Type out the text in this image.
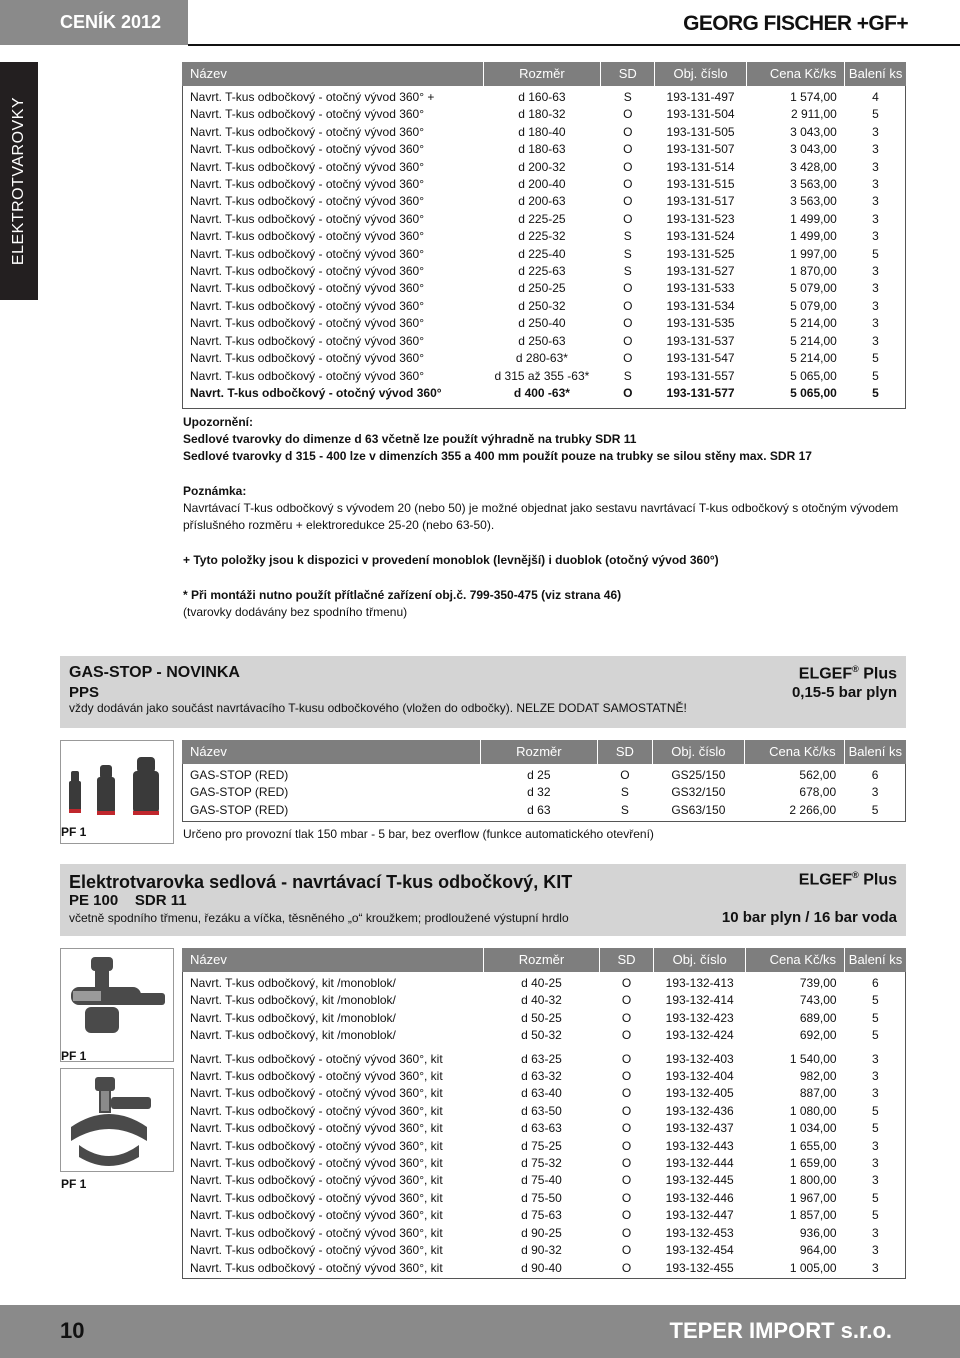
CENÍK 2012	GEORG FISCHER +GF+
ELEKTROTVAROVKY
Název	Rozměr	SD	Obj. číslo	Cena Kč/ks	Balení ks

Navrt. T-kus odbočkový - otočný vývod 360° +	d 160-63	S	193-131-497	1 574,00	4
Navrt. T-kus odbočkový - otočný vývod 360°	d 180-32	O	193-131-504	2 911,00	5
Navrt. T-kus odbočkový - otočný vývod 360°	d 180-40	O	193-131-505	3 043,00	3
Navrt. T-kus odbočkový - otočný vývod 360°	d 180-63	O	193-131-507	3 043,00	3
Navrt. T-kus odbočkový - otočný vývod 360°	d 200-32	O	193-131-514	3 428,00	3
Navrt. T-kus odbočkový - otočný vývod 360°	d 200-40	O	193-131-515	3 563,00	3
Navrt. T-kus odbočkový - otočný vývod 360°	d 200-63	O	193-131-517	3 563,00	3
Navrt. T-kus odbočkový - otočný vývod 360°	d 225-25	O	193-131-523	1 499,00	3
Navrt. T-kus odbočkový - otočný vývod 360°	d 225-32	S	193-131-524	1 499,00	3
Navrt. T-kus odbočkový - otočný vývod 360°	d 225-40	S	193-131-525	1 997,00	5
Navrt. T-kus odbočkový - otočný vývod 360°	d 225-63	S	193-131-527	1 870,00	3
Navrt. T-kus odbočkový - otočný vývod 360°	d 250-25	O	193-131-533	5 079,00	3
Navrt. T-kus odbočkový - otočný vývod 360°	d 250-32	O	193-131-534	5 079,00	3
Navrt. T-kus odbočkový - otočný vývod 360°	d 250-40	O	193-131-535	5 214,00	3
Navrt. T-kus odbočkový - otočný vývod 360°	d 250-63	O	193-131-537	5 214,00	3
Navrt. T-kus odbočkový - otočný vývod 360°	d 280-63*	O	193-131-547	5 214,00	5
Navrt. T-kus odbočkový - otočný vývod 360°	d 315 až 355 -63*	S	193-131-557	5 065,00	5
Navrt. T-kus odbočkový - otočný vývod 360°	d 400 -63*	O	193-131-577	5 065,00	5
Upozornění:
Sedlové tvarovky do dimenze d 63 včetně lze použít výhradně na trubky SDR 11
Sedlové tvarovky d 315 - 400 lze v dimenzích 355 a 400 mm použít pouze na trubky se silou stěny max. SDR 17
Poznámka:
Navrtávací T-kus odbočkový s vývodem 20 (nebo 50) je možné objednat jako sestavu navrtávací T-kus odbočkový s otočným vývodem
příslušného rozměru + elektroredukce 25-20 (nebo 63-50).
+ Tyto položky jsou k dispozici v provedení monoblok (levnější) i duoblok (otočný vývod 360°)
* Při montáži nutno použít přítlačné zařízení obj.č. 799-350-475 (viz strana 46)
(tvarovky dodávány bez spodního třmenu)
GAS-STOP - NOVINKA
PPS
vždy dodáván jako součást navrtávacího T-kusu odbočkového (vložen do odbočky). NELZE DODAT SAMOSTATNĚ!
ELGEF® Plus
0,15-5 bar plyn
PF 1
Název	Rozměr	SD	Obj. číslo	Cena Kč/ks	Balení ks

GAS-STOP (RED)	d 25	O	GS25/150	562,00	6
GAS-STOP (RED)	d 32	S	GS32/150	678,00	3
GAS-STOP (RED)	d 63	S	GS63/150	2 266,00	5
Určeno pro provozní tlak 150 mbar - 5 bar, bez overflow (funkce automatického otevření)
Elektrotvarovka sedlová - navrtávací T-kus odbočkový, KIT
PE 100    SDR 11
včetně spodního třmenu, řezáku a víčka, těsněného „o“ kroužkem; prodloužené výstupní hrdlo
ELGEF® Plus
10 bar plyn / 16 bar voda
PF 1
PF 1
Název	Rozměr	SD	Obj. číslo	Cena Kč/ks	Balení ks

Navrt. T-kus odbočkový, kit /monoblok/	d 40-25	O	193-132-413	739,00	6
Navrt. T-kus odbočkový, kit /monoblok/	d 40-32	O	193-132-414	743,00	5
Navrt. T-kus odbočkový, kit /monoblok/	d 50-25	O	193-132-423	689,00	5
Navrt. T-kus odbočkový, kit /monoblok/	d 50-32	O	193-132-424	692,00	5

Navrt. T-kus odbočkový - otočný vývod 360°, kit	d 63-25	O	193-132-403	1 540,00	3
Navrt. T-kus odbočkový - otočný vývod 360°, kit	d 63-32	O	193-132-404	982,00	3
Navrt. T-kus odbočkový - otočný vývod 360°, kit	d 63-40	O	193-132-405	887,00	3
Navrt. T-kus odbočkový - otočný vývod 360°, kit	d 63-50	O	193-132-436	1 080,00	5
Navrt. T-kus odbočkový - otočný vývod 360°, kit	d 63-63	O	193-132-437	1 034,00	5
Navrt. T-kus odbočkový - otočný vývod 360°, kit	d 75-25	O	193-132-443	1 655,00	3
Navrt. T-kus odbočkový - otočný vývod 360°, kit	d 75-32	O	193-132-444	1 659,00	3
Navrt. T-kus odbočkový - otočný vývod 360°, kit	d 75-40	O	193-132-445	1 800,00	3
Navrt. T-kus odbočkový - otočný vývod 360°, kit	d 75-50	O	193-132-446	1 967,00	5
Navrt. T-kus odbočkový - otočný vývod 360°, kit	d 75-63	O	193-132-447	1 857,00	5
Navrt. T-kus odbočkový - otočný vývod 360°, kit	d 90-25	O	193-132-453	936,00	3
Navrt. T-kus odbočkový - otočný vývod 360°, kit	d 90-32	O	193-132-454	964,00	3
Navrt. T-kus odbočkový - otočný vývod 360°, kit	d 90-40	O	193-132-455	1 005,00	3
10	TEPER IMPORT s.r.o.
